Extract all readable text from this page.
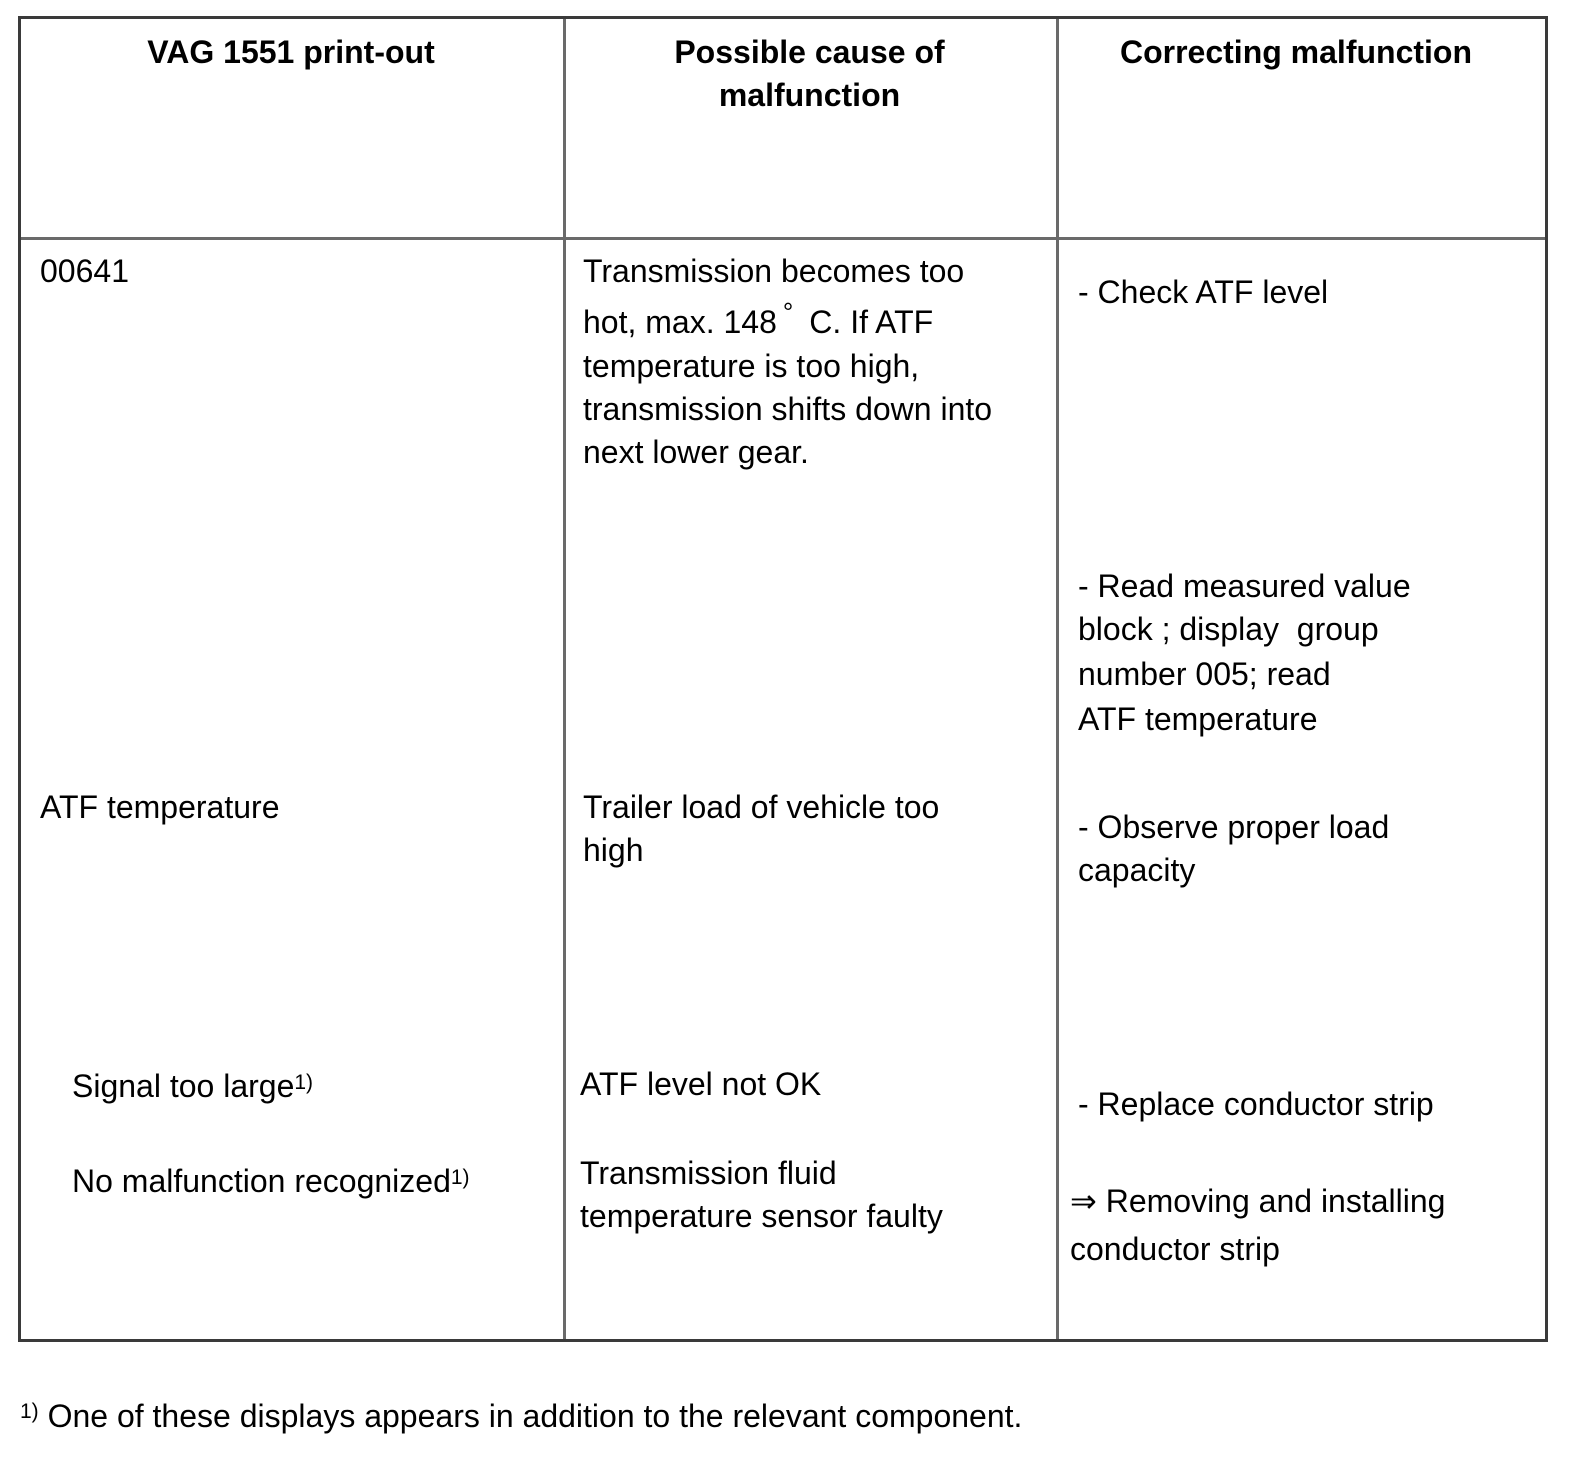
VAG 1551 print-out	Possible cause of
malfunction
Correcting malfunction
00641
ATF temperature
Signal too large$^{1)}$
No malfunction recognized$^{1)}$
Transmission becomes too
hot, max. 148 ° C. If ATF
temperature is too high,
transmission shifts down into
next lower gear.
Trailer load of vehicle too
high
ATF level not OK
Transmission fluid
temperature sensor faulty
- Check ATF level
- Read measured value
block ; display  group
number 005; read
ATF temperature
- Observe proper load
capacity
- Replace conductor strip
⇒ Removing and installing
conductor strip
$^{1)}$ One of these displays appears in addition to the relevant component.
